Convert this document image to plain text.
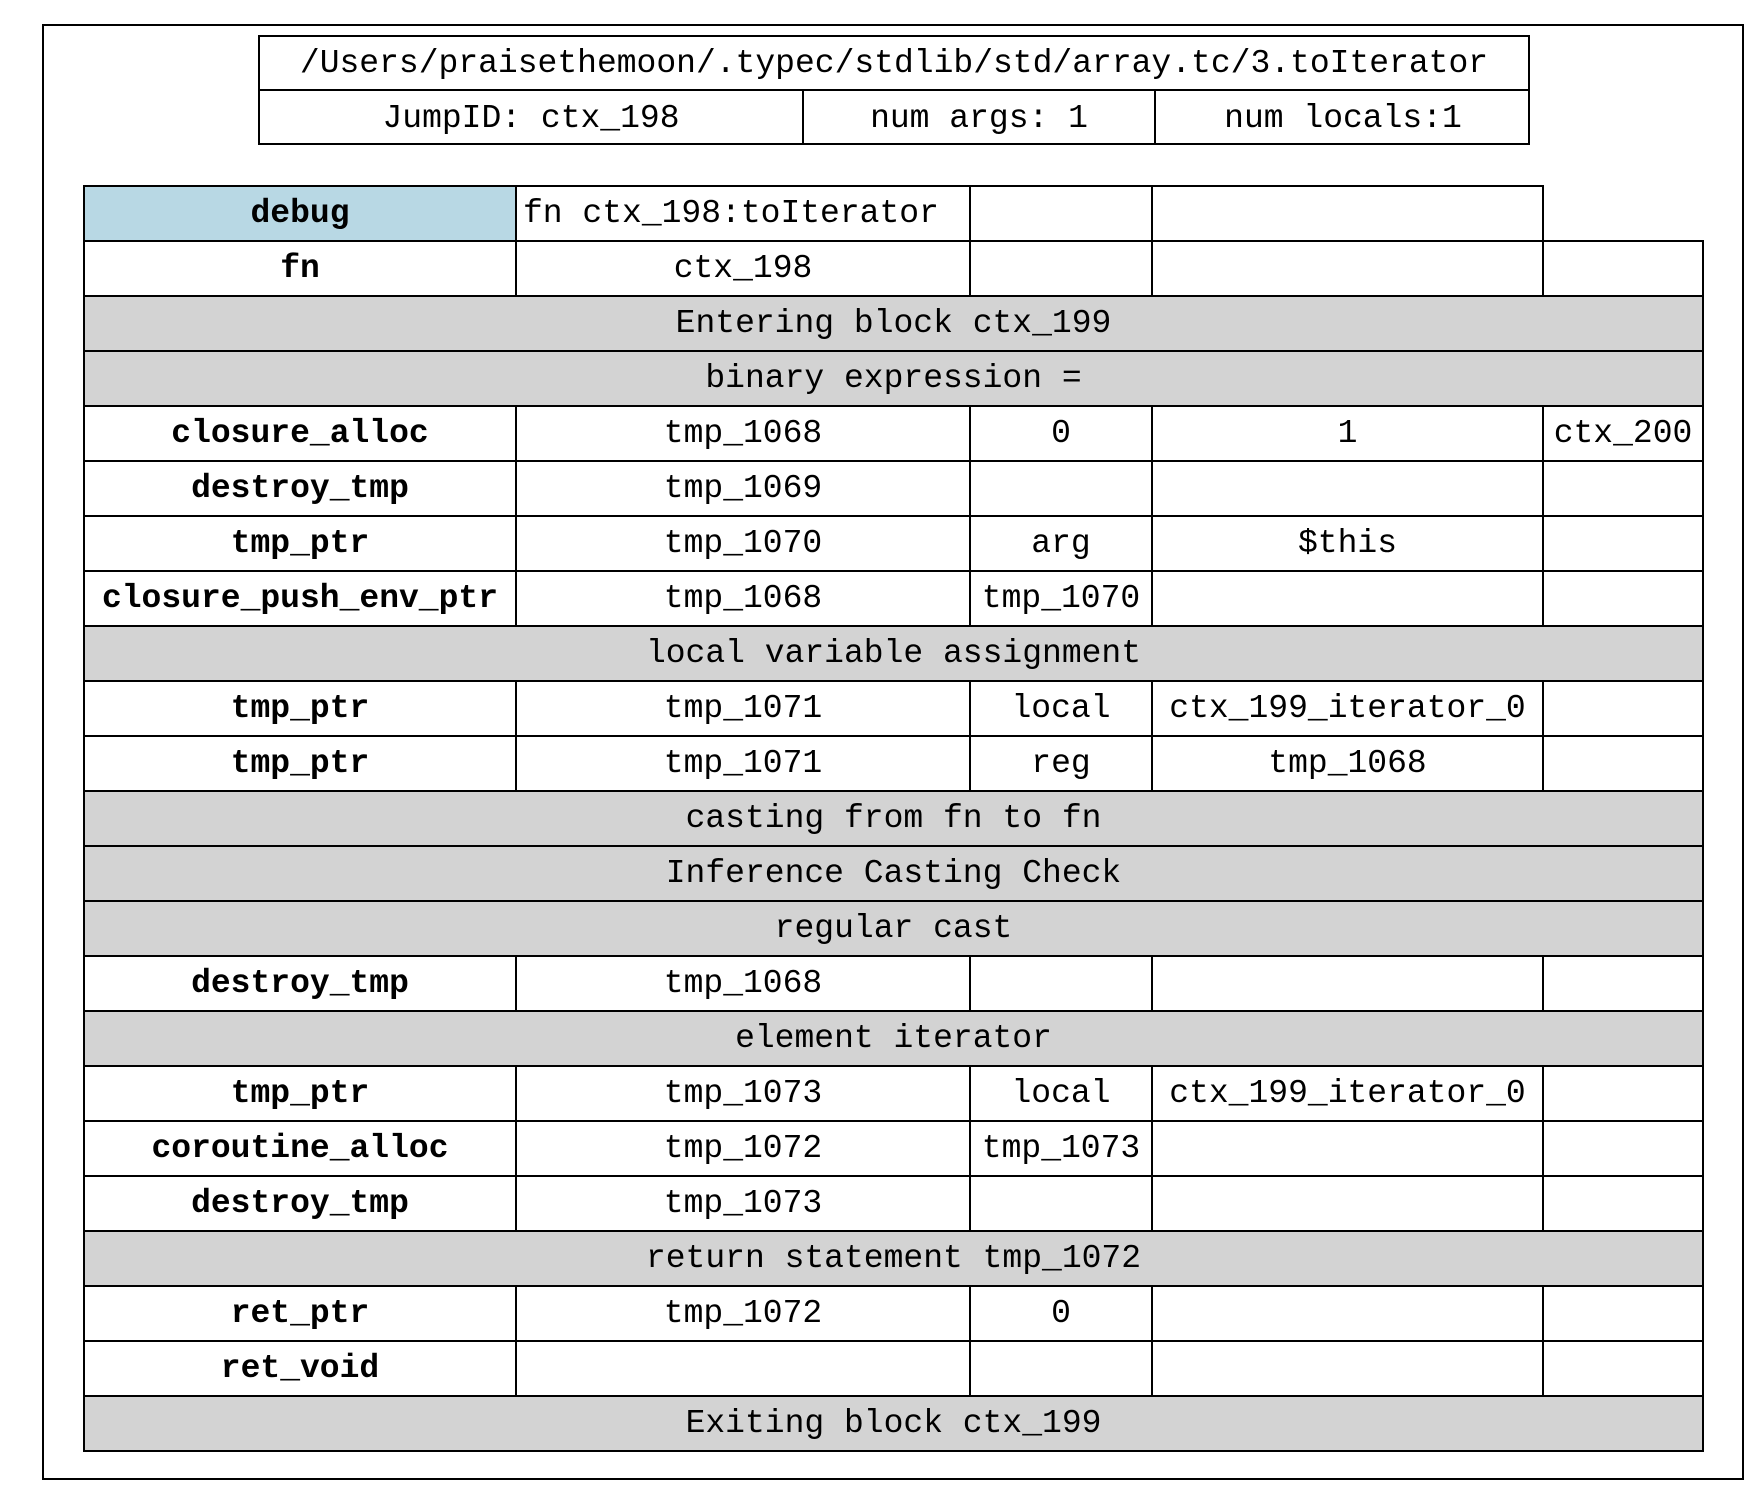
/Users/praisethemoon/.typec/stdlib/std/array.tc/3.toIterator
JumpID: ctx_198	num args: 1	num locals:1
debug	fn ctx_198:toIterator
fn	ctx_198
Entering block ctx_199
binary expression =
closure_alloc	tmp_1068	0	1	ctx_200
destroy_tmp	tmp_1069
tmp_ptr	tmp_1070	arg	$this
closure_push_env_ptr	tmp_1068	tmp_1070
local variable assignment
tmp_ptr	tmp_1071	local	ctx_199_iterator_0
tmp_ptr	tmp_1071	reg	tmp_1068
casting from fn to fn
Inference Casting Check
regular cast
destroy_tmp	tmp_1068
element iterator
tmp_ptr	tmp_1073	local	ctx_199_iterator_0
coroutine_alloc	tmp_1072	tmp_1073
destroy_tmp	tmp_1073
return statement tmp_1072
ret_ptr	tmp_1072	0
ret_void
Exiting block ctx_199
